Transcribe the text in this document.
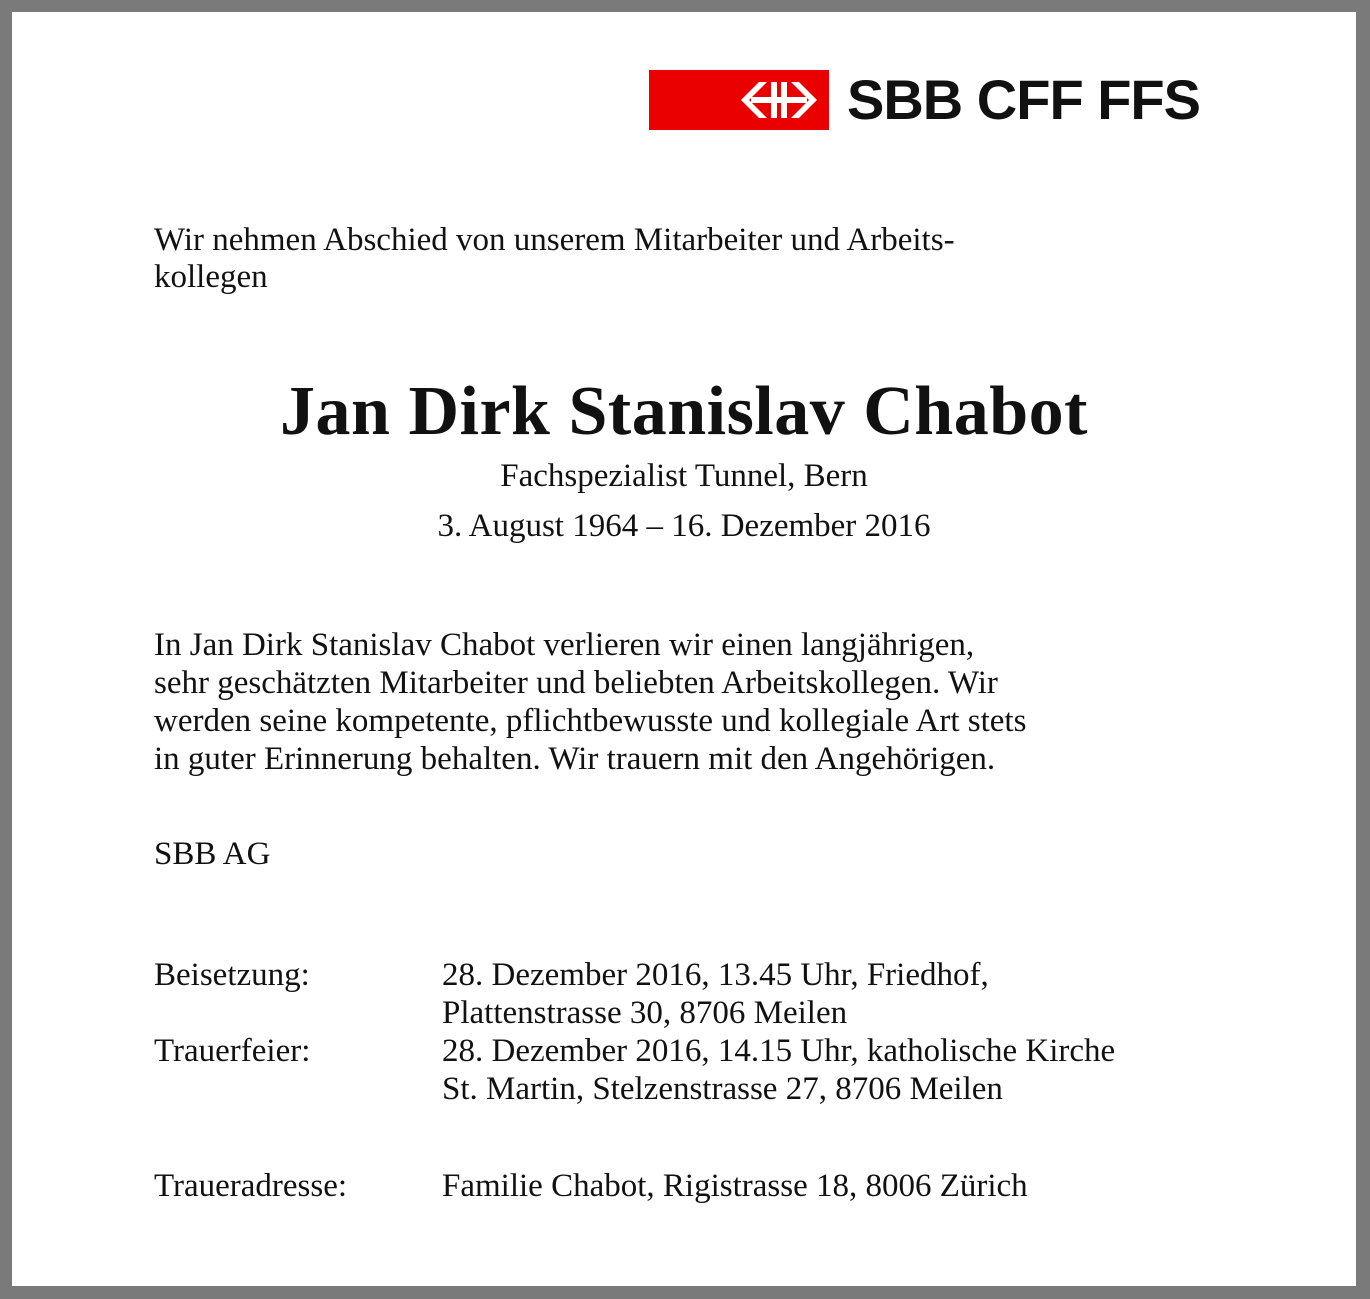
SBB CFF FFS
Wir nehmen Abschied von unserem Mitarbeiter und Arbeits-
kollegen
Jan Dirk Stanislav Chabot
Fachspezialist Tunnel, Bern
3. August 1964 – 16. Dezember 2016
In Jan Dirk Stanislav Chabot verlieren wir einen langjährigen,
sehr geschätzten Mitarbeiter und beliebten Arbeitskollegen. Wir
werden seine kompetente, pflichtbewusste und kollegiale Art stets
in guter Erinnerung behalten. Wir trauern mit den Angehörigen.
SBB AG
Beisetzung:	28. Dezember 2016, 13.45 Uhr, Friedhof,
Plattenstrasse 30, 8706 Meilen
Trauerfeier:	28. Dezember 2016, 14.15 Uhr, katholische Kirche
St. Martin, Stelzenstrasse 27, 8706 Meilen
Traueradresse:	Familie Chabot, Rigistrasse 18, 8006 Zürich
